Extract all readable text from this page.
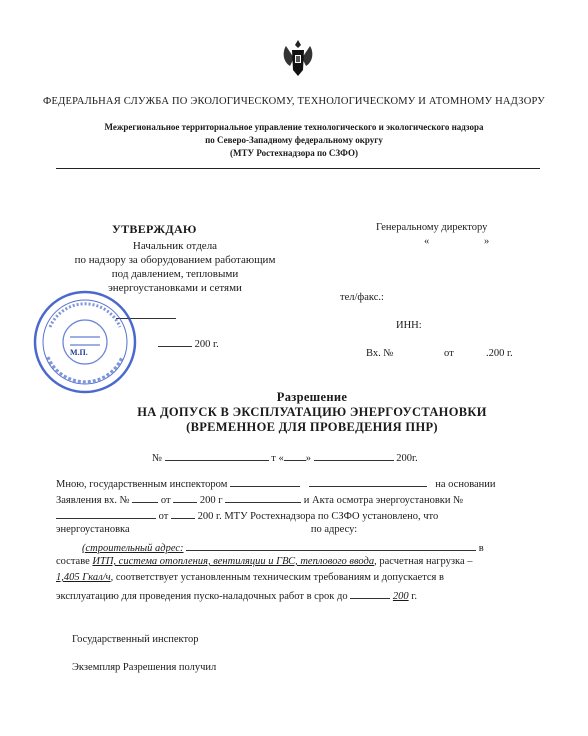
ФЕДЕРАЛЬНАЯ СЛУЖБА ПО ЭКОЛОГИЧЕСКОМУ, ТЕХНОЛОГИЧЕСКОМУ И АТОМНОМУ НАДЗОРУ
Межрегиональное территориальное управление технологического и экологического надзора
по Северо-Западному федеральному округу
(МТУ Ростехнадзора по СЗФО)
УТВЕРЖДАЮ
Начальник отдела
по надзору за оборудованием работающим
под давлением, тепловыми
энергоустановками и сетями
200 г.
М.П.
Генеральному директору
«	»
тел/факс.:
ИНН:
Вх. №	от	.200 г.
Разрешение
НА ДОПУСК В ЭКСПЛУАТАЦИЮ ЭНЕРГОУСТАНОВКИ
(ВРЕМЕННОЕ ДЛЯ ПРОВЕДЕНИЯ ПНР)
№	т « »	200г.
Мною, государственным инспектором	на основании
Заявления вх. №	от	200 г	и Акта осмотра энергоустановки №
от	200 г. МТУ Ростехнадзора по СЗФО установлено, что
энергоустановка	по адресу:
(строительный адрес:	в
составе ИТП, система отопления, вентиляции и ГВС, теплового ввода, расчетная нагрузка –
1,405 Гкал/ч, соответствует установленным техническим требованиям и допускается в
эксплуатацию для проведения пуско-наладочных работ в срок до	200 г.
Государственный инспектор
Экземпляр Разрешения получил
